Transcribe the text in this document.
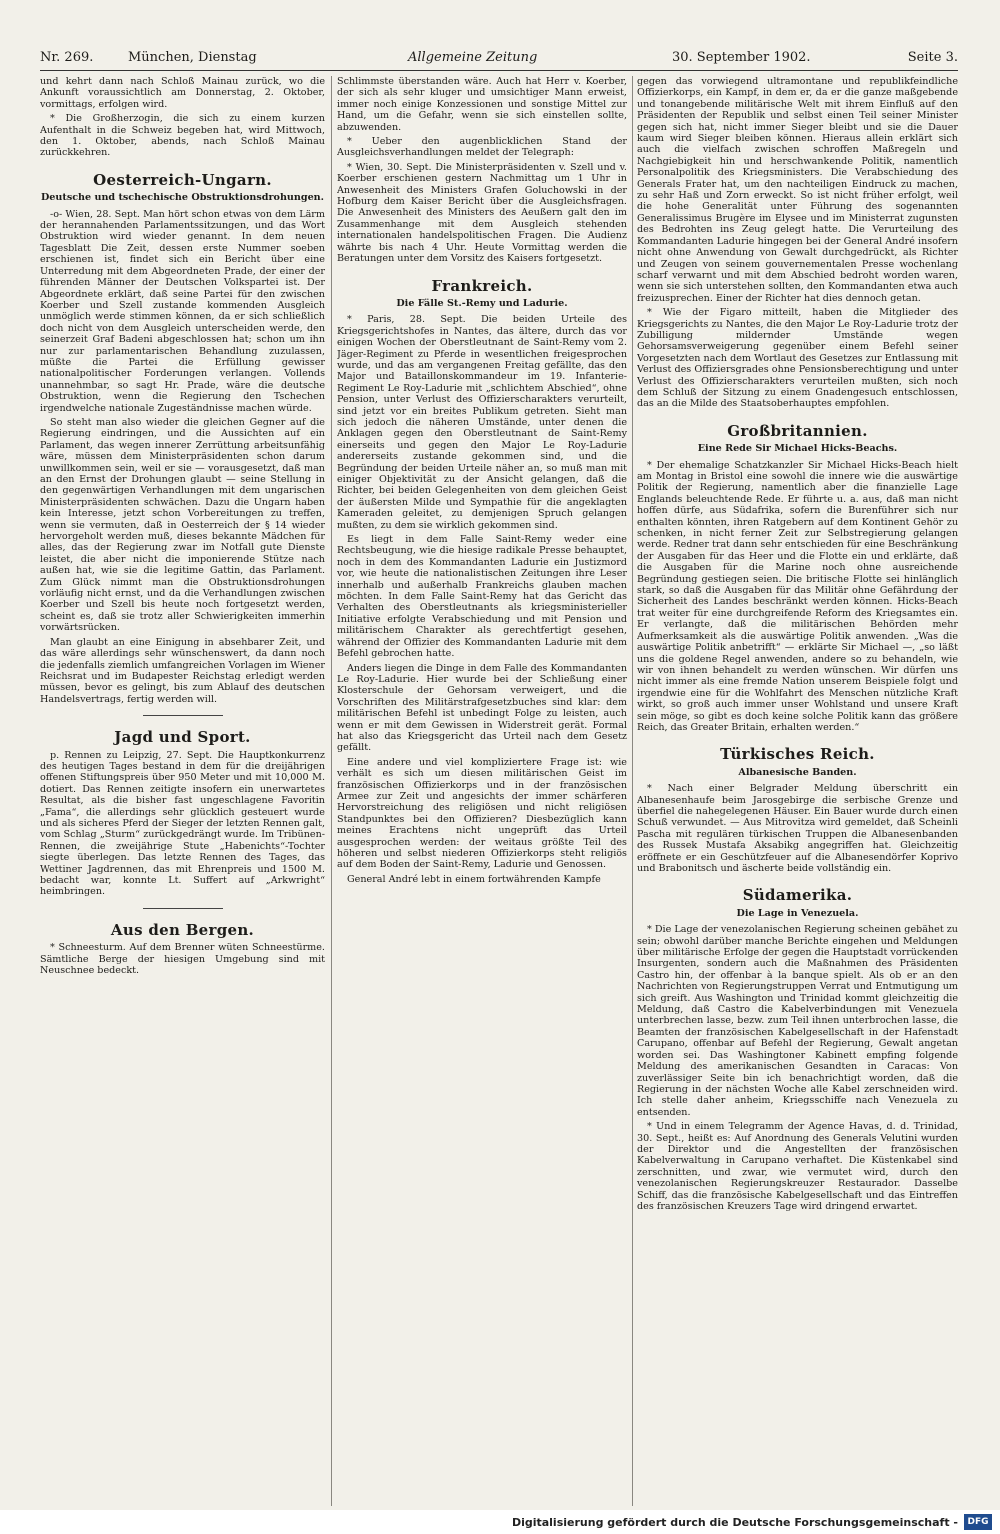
Nr. 269.	München, Dienstag	Allgemeine Zeitung	30. September 1902.	Seite 3.

und kehrt dann nach Schloß Mainau zurück, wo die Ankunft voraussichtlich am Donnerstag, 2. Oktober, vormittags, erfolgen wird.

* Die Großherzogin, die sich zu einem kurzen Aufenthalt in die Schweiz begeben hat, wird Mittwoch, den 1. Oktober, abends, nach Schloß Mainau zurückkehren.

Oesterreich-Ungarn.
Deutsche und tschechische Obstruktionsdrohungen.

-o- Wien, 28. Sept. Man hört schon etwas von dem Lärm der herannahenden Parlamentssitzungen, und das Wort Obstruktion wird wieder genannt. In dem neuen Tagesblatt Die Zeit, dessen erste Nummer soeben erschienen ist, findet sich ein Bericht über eine Unterredung mit dem Abgeordneten Prade, der einer der führenden Männer der Deutschen Volkspartei ist. Der Abgeordnete erklärt, daß seine Partei für den zwischen Koerber und Szell zustande kommenden Ausgleich unmöglich werde stimmen können, da er sich schließlich doch nicht von dem Ausgleich unterscheiden werde, den seinerzeit Graf Badeni abgeschlossen hat; schon um ihn nur zur parlamentarischen Behandlung zuzulassen, müßte die Partei die Erfüllung gewisser nationalpolitischer Forderungen verlangen. Vollends unannehmbar, so sagt Hr. Prade, wäre die deutsche Obstruktion, wenn die Regierung den Tschechen irgendwelche nationale Zugeständnisse machen würde.

So steht man also wieder die gleichen Gegner auf die Regierung eindringen, und die Aussichten auf ein Parlament, das wegen innerer Zerrüttung arbeitsunfähig wäre, müssen dem Ministerpräsidenten schon darum unwillkommen sein, weil er sie — vorausgesetzt, daß man an den Ernst der Drohungen glaubt — seine Stellung in den gegenwärtigen Verhandlungen mit dem ungarischen Ministerpräsidenten schwächen. Dazu die Ungarn haben kein Interesse, jetzt schon Vorbereitungen zu treffen, wenn sie vermuten, daß in Oesterreich der § 14 wieder hervorgeholt werden muß, dieses bekannte Mädchen für alles, das der Regierung zwar im Notfall gute Dienste leistet, die aber nicht die imponierende Stütze nach außen hat, wie sie die legitime Gattin, das Parlament. Zum Glück nimmt man die Obstruktionsdrohungen vorläufig nicht ernst, und da die Verhandlungen zwischen Koerber und Szell bis heute noch fortgesetzt werden, scheint es, daß sie trotz aller Schwierigkeiten immerhin vorwärtsrücken.

Man glaubt an eine Einigung in absehbarer Zeit, und das wäre allerdings sehr wünschenswert, da dann noch die jedenfalls ziemlich umfangreichen Vorlagen im Wiener Reichsrat und im Budapester Reichstag erledigt werden müssen, bevor es gelingt, bis zum Ablauf des deutschen Handelsvertrags, fertig werden will.

Jagd und Sport.

p. Rennen zu Leipzig, 27. Sept. Die Hauptkonkurrenz des heutigen Tages bestand in dem für die dreijährigen offenen Stiftungspreis über 950 Meter und mit 10,000 M. dotiert. Das Rennen zeitigte insofern ein unerwartetes Resultat, als die bisher fast ungeschlagene Favoritin „Fama“, die allerdings sehr glücklich gesteuert wurde und als sicheres Pferd der Sieger der letzten Rennen galt, vom Schlag „Sturm“ zurückgedrängt wurde. Im Tribünen-Rennen, die zweijährige Stute „Habenichts“-Tochter siegte überlegen. Das letzte Rennen des Tages, das Wettiner Jagdrennen, das mit Ehrenpreis und 1500 M. bedacht war, konnte Lt. Suffert auf „Arkwright“ heimbringen.

Aus den Bergen.

* Schneesturm. Auf dem Brenner wüten Schneestürme. Sämtliche Berge der hiesigen Umgebung sind mit Neuschnee bedeckt.

Schlimmste überstanden wäre. Auch hat Herr v. Koerber, der sich als sehr kluger und umsichtiger Mann erweist, immer noch einige Konzessionen und sonstige Mittel zur Hand, um die Gefahr, wenn sie sich einstellen sollte, abzuwenden.

* Ueber den augenblicklichen Stand der Ausgleichsverhandlungen meldet der Telegraph:

* Wien, 30. Sept. Die Ministerpräsidenten v. Szell und v. Koerber erschienen gestern Nachmittag um 1 Uhr in Anwesenheit des Ministers Grafen Goluchowski in der Hofburg dem Kaiser Bericht über die Ausgleichsfragen. Die Anwesenheit des Ministers des Aeußern galt den im Zusammenhange mit dem Ausgleich stehenden internationalen handelspolitischen Fragen. Die Audienz währte bis nach 4 Uhr. Heute Vormittag werden die Beratungen unter dem Vorsitz des Kaisers fortgesetzt.

Frankreich.
Die Fälle St.-Remy und Ladurie.

* Paris, 28. Sept. Die beiden Urteile des Kriegsgerichtshofes in Nantes, das ältere, durch das vor einigen Wochen der Oberstleutnant de Saint-Remy vom 2. Jäger-Regiment zu Pferde in wesentlichen freigesprochen wurde, und das am vergangenen Freitag gefällte, das den Major und Bataillonskommandeur im 19. Infanterie-Regiment Le Roy-Ladurie mit „schlichtem Abschied“, ohne Pension, unter Verlust des Offizierscharakters verurteilt, sind jetzt vor ein breites Publikum getreten. Sieht man sich jedoch die näheren Umstände, unter denen die Anklagen gegen den Oberstleutnant de Saint-Remy einerseits und gegen den Major Le Roy-Ladurie andererseits zustande gekommen sind, und die Begründung der beiden Urteile näher an, so muß man mit einiger Objektivität zu der Ansicht gelangen, daß die Richter, bei beiden Gelegenheiten von dem gleichen Geist der äußersten Milde und Sympathie für die angeklagten Kameraden geleitet, zu demjenigen Spruch gelangen mußten, zu dem sie wirklich gekommen sind.

Es liegt in dem Falle Saint-Remy weder eine Rechtsbeugung, wie die hiesige radikale Presse behauptet, noch in dem des Kommandanten Ladurie ein Justizmord vor, wie heute die nationalistischen Zeitungen ihre Leser innerhalb und außerhalb Frankreichs glauben machen möchten. In dem Falle Saint-Remy hat das Gericht das Verhalten des Oberstleutnants als kriegsministerieller Initiative erfolgte Verabschiedung und mit Pension und militärischem Charakter als gerechtfertigt gesehen, während der Offizier des Kommandanten Ladurie mit dem Befehl gebrochen hatte.

Anders liegen die Dinge in dem Falle des Kommandanten Le Roy-Ladurie. Hier wurde bei der Schließung einer Klosterschule der Gehorsam verweigert, und die Vorschriften des Militärstrafgesetzbuches sind klar: dem militärischen Befehl ist unbedingt Folge zu leisten, auch wenn er mit dem Gewissen in Widerstreit gerät. Formal hat also das Kriegsgericht das Urteil nach dem Gesetz gefällt.

Eine andere und viel kompliziertere Frage ist: wie verhält es sich um diesen militärischen Geist im französischen Offizierkorps und in der französischen Armee zur Zeit und angesichts der immer schärferen Hervorstreichung des religiösen und nicht religiösen Standpunktes bei den Offizieren? Diesbezüglich kann meines Erachtens nicht ungeprüft das Urteil ausgesprochen werden: der weitaus größte Teil des höheren und selbst niederen Offizierkorps steht religiös auf dem Boden der Saint-Remy, Ladurie und Genossen.

General André lebt in einem fortwährenden Kampfe

gegen das vorwiegend ultramontane und republikfeindliche Offizierkorps, ein Kampf, in dem er, da er die ganze maßgebende und tonangebende militärische Welt mit ihrem Einfluß auf den Präsidenten der Republik und selbst einen Teil seiner Minister gegen sich hat, nicht immer Sieger bleibt und sie die Dauer kaum wird Sieger bleiben können. Hieraus allein erklärt sich auch die vielfach zwischen schroffen Maßregeln und Nachgiebigkeit hin und herschwankende Politik, namentlich Personalpolitik des Kriegsministers. Die Verabschiedung des Generals Frater hat, um den nachteiligen Eindruck zu machen, zu sehr Haß und Zorn erweckt. So ist nicht früher erfolgt, weil die hohe Generalität unter Führung des sogenannten Generalissimus Brugère im Elysee und im Ministerrat zugunsten des Bedrohten ins Zeug gelegt hatte. Die Verurteilung des Kommandanten Ladurie hingegen bei der General André insofern nicht ohne Anwendung von Gewalt durchgedrückt, als Richter und Zeugen von seinem gouvernementalen Presse wochenlang scharf verwarnt und mit dem Abschied bedroht worden waren, wenn sie sich unterstehen sollten, den Kommandanten etwa auch freizusprechen. Einer der Richter hat dies dennoch getan.

* Wie der Figaro mitteilt, haben die Mitglieder des Kriegsgerichts zu Nantes, die den Major Le Roy-Ladurie trotz der Zubilligung mildernder Umstände wegen Gehorsamsverweigerung gegenüber einem Befehl seiner Vorgesetzten nach dem Wortlaut des Gesetzes zur Entlassung mit Verlust des Offiziersgrades ohne Pensionsberechtigung und unter Verlust des Offizierscharakters verurteilen mußten, sich noch dem Schluß der Sitzung zu einem Gnadengesuch entschlossen, das an die Milde des Staatsoberhauptes empfohlen.

Großbritannien.
Eine Rede Sir Michael Hicks-Beachs.

* Der ehemalige Schatzkanzler Sir Michael Hicks-Beach hielt am Montag in Bristol eine sowohl die innere wie die auswärtige Politik der Regierung, namentlich aber die finanzielle Lage Englands beleuchtende Rede. Er führte u. a. aus, daß man nicht hoffen dürfe, aus Südafrika, sofern die Burenführer sich nur enthalten könnten, ihren Ratgebern auf dem Kontinent Gehör zu schenken, in nicht ferner Zeit zur Selbstregierung gelangen werde. Redner trat dann sehr entschieden für eine Beschränkung der Ausgaben für das Heer und die Flotte ein und erklärte, daß die Ausgaben für die Marine noch ohne ausreichende Begründung gestiegen seien. Die britische Flotte sei hinlänglich stark, so daß die Ausgaben für das Militär ohne Gefährdung der Sicherheit des Landes beschränkt werden können. Hicks-Beach trat weiter für eine durchgreifende Reform des Kriegsamtes ein. Er verlangte, daß die militärischen Behörden mehr Aufmerksamkeit als die auswärtige Politik anwenden. „Was die auswärtige Politik anbetrifft“ — erklärte Sir Michael —, „so läßt uns die goldene Regel anwenden, andere so zu behandeln, wie wir von ihnen behandelt zu werden wünschen. Wir dürfen uns nicht immer als eine fremde Nation unserem Beispiele folgt und irgendwie eine für die Wohlfahrt des Menschen nützliche Kraft wirkt, so groß auch immer unser Wohlstand und unsere Kraft sein möge, so gibt es doch keine solche Politik kann das größere Reich, das Greater Britain, erhalten werden.“

Türkisches Reich.
Albanesische Banden.

* Nach einer Belgrader Meldung überschritt ein Albanesenhaufe beim Jarosgebirge die serbische Grenze und überfiel die nahegelegenen Häuser. Ein Bauer wurde durch einen Schuß verwundet. — Aus Mitrovitza wird gemeldet, daß Scheinli Pascha mit regulären türkischen Truppen die Albanesenbanden des Russek Mustafa Aksabikg angegriffen hat. Gleichzeitig eröffnete er ein Geschützfeuer auf die Albanesendörfer Koprivo und Brabonitsch und äscherte beide vollständig ein.

Südamerika.
Die Lage in Venezuela.

* Die Lage der venezolanischen Regierung scheinen gebähet zu sein; obwohl darüber manche Berichte eingehen und Meldungen über militärische Erfolge der gegen die Hauptstadt vorrückenden Insurgenten, sondern auch die Maßnahmen des Präsidenten Castro hin, der offenbar à la banque spielt. Als ob er an den Nachrichten von Regierungstruppen Verrat und Entmutigung um sich greift. Aus Washington und Trinidad kommt gleichzeitig die Meldung, daß Castro die Kabelverbindungen mit Venezuela unterbrechen lasse, bezw. zum Teil ihnen unterbrochen lasse, die Beamten der französischen Kabelgesellschaft in der Hafenstadt Carupano, offenbar auf Befehl der Regierung, Gewalt angetan worden sei. Das Washingtoner Kabinett empfing folgende Meldung des amerikanischen Gesandten in Caracas: Von zuverlässiger Seite bin ich benachrichtigt worden, daß die Regierung in der nächsten Woche alle Kabel zerschneiden wird. Ich stelle daher anheim, Kriegsschiffe nach Venezuela zu entsenden.

* Und in einem Telegramm der Agence Havas, d. d. Trinidad, 30. Sept., heißt es: Auf Anordnung des Generals Velutini wurden der Direktor und die Angestellten der französischen Kabelverwaltung in Carupano verhaftet. Die Küstenkabel sind zerschnitten, und zwar, wie vermutet wird, durch den venezolanischen Regierungskreuzer Restaurador. Dasselbe Schiff, das die französische Kabelgesellschaft und das Eintreffen des französischen Kreuzers Tage wird dringend erwartet.

Digitalisierung gefördert durch die Deutsche Forschungsgemeinschaft -	DFG
